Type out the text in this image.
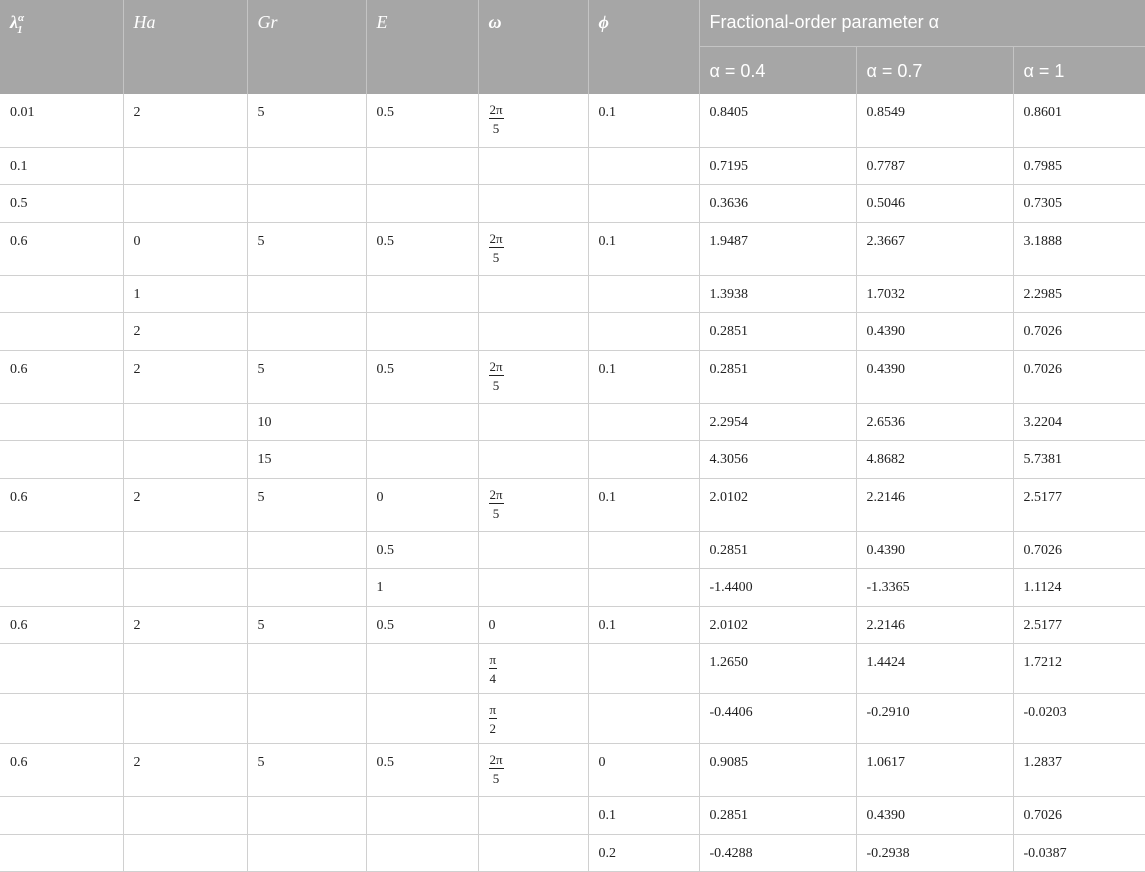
$\lambda^\alpha_1$	Ha	Gr	E	ω	ϕ	Fractional-order parameter α		
						α = 0.4	α = 0.7	α = 1
0.01	2	5	0.5	$\frac{2\pi}{5}$	0.1	0.8405	0.8549	0.8601
0.1						0.7195	0.7787	0.7985
0.5						0.3636	0.5046	0.7305
0.6	0	5	0.5	$\frac{2\pi}{5}$	0.1	1.9487	2.3667	3.1888
	1					1.3938	1.7032	2.2985
	2					0.2851	0.4390	0.7026
0.6	2	5	0.5	$\frac{2\pi}{5}$	0.1	0.2851	0.4390	0.7026
		10				2.2954	2.6536	3.2204
		15				4.3056	4.8682	5.7381
0.6	2	5	0	$\frac{2\pi}{5}$	0.1	2.0102	2.2146	2.5177
			0.5			0.2851	0.4390	0.7026
			1			-1.4400	-1.3365	1.1124
0.6	2	5	0.5	0	0.1	2.0102	2.2146	2.5177

				$\frac{\pi}{4}$		1.2650	1.4424	1.7212

				$\frac{\pi}{2}$		-0.4406	-0.2910	-0.0203
0.6	2	5	0.5	$\frac{2\pi}{5}$	0	0.9085	1.0617	1.2837
					0.1	0.2851	0.4390	0.7026
					0.2	-0.4288	-0.2938	-0.0387
